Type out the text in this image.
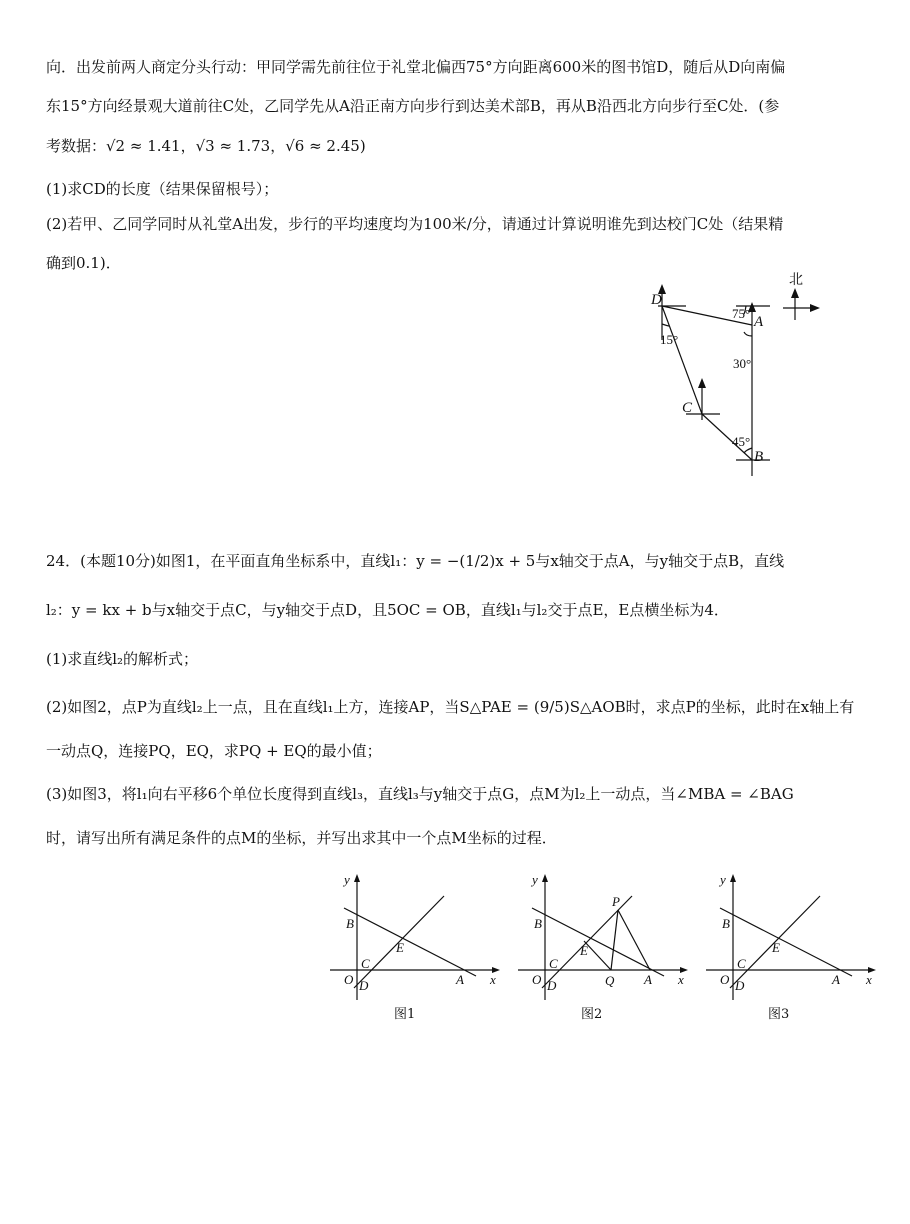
向．出发前两人商定分头行动：甲同学需先前往位于礼堂北偏西75°方向距离600米的图书馆D，随后从D向南偏
东15°方向经景观大道前往C处，乙同学先从A沿正南方向步行到达美术部B，再从B沿西北方向步行至C处．(参
考数据：√2 ≈ 1.41，√3 ≈ 1.73，√6 ≈ 2.45)
(1)求CD的长度（结果保留根号）；
(2)若甲、乙同学同时从礼堂A出发，步行的平均速度均为100米/分，请通过计算说明谁先到达校门C处（结果精
确到0.1)．
北
D
A
C
B
75°
15°
30°
45°
24．(本题10分)如图1，在平面直角坐标系中，直线l₁：y = −(1/2)x + 5与x轴交于点A，与y轴交于点B，直线
l₂：y = kx + b与x轴交于点C，与y轴交于点D，且5OC = OB，直线l₁与l₂交于点E，E点横坐标为4．
(1)求直线l₂的解析式；
(2)如图2，点P为直线l₂上一点，且在直线l₁上方，连接AP，当S△PAE = (9/5)S△AOB时，求点P的坐标，此时在x轴上有
一动点Q，连接PQ，EQ，求PQ + EQ的最小值；
(3)如图3，将l₁向右平移6个单位长度得到直线l₃，直线l₃与y轴交于点G，点M为l₂上一动点，当∠MBA = ∠BAG
时，请写出所有满足条件的点M的坐标，并写出求其中一个点M坐标的过程．
y
x
B
E
C
O D	A
图1
y
x
B
P
E
C
O D	Q A
图2
y
x
B
E
C
O D	A
图3
